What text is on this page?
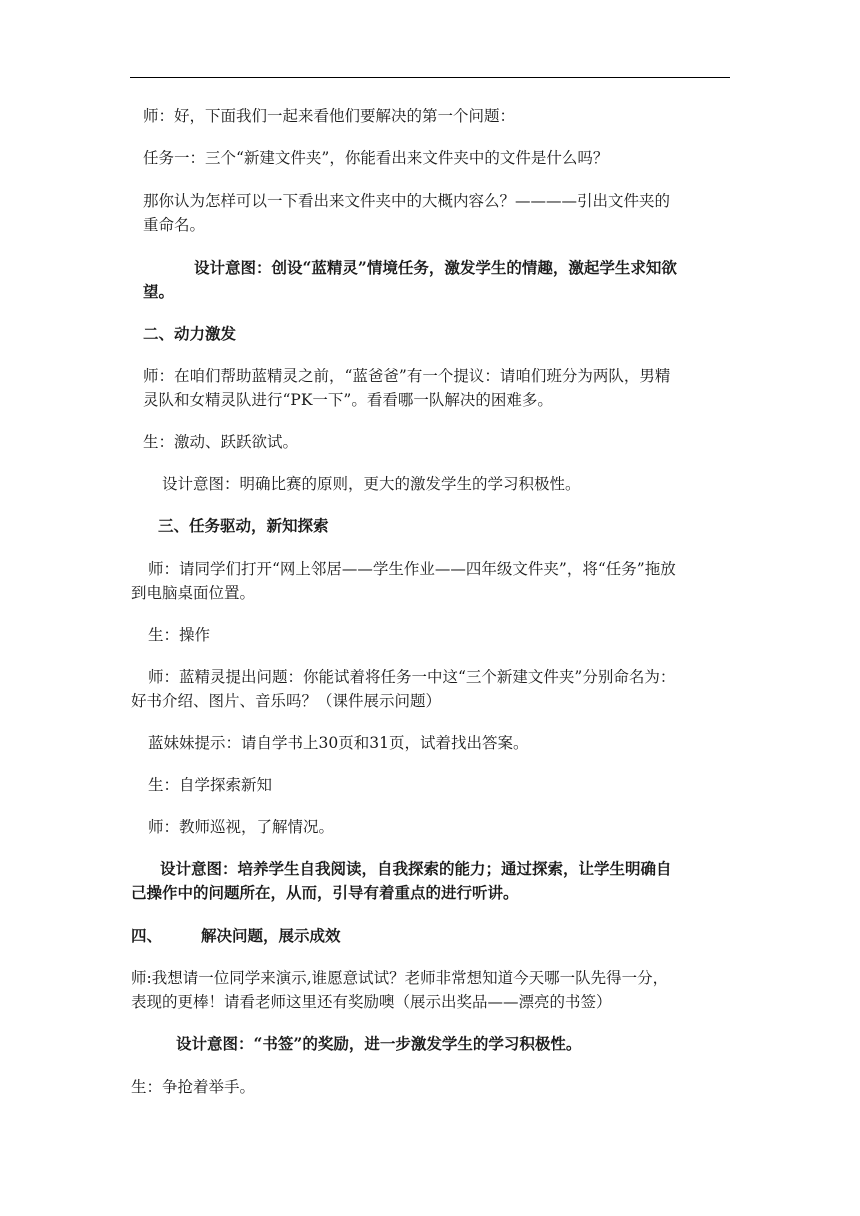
师：好，下面我们一起来看他们要解决的第一个问题：

任务一：三个“新建文件夹”，你能看出来文件夹中的文件是什么吗？

那你认为怎样可以一下看出来文件夹中的大概内容么？————引出文件夹的

重命名。

设计意图：创设“蓝精灵”情境任务，激发学生的情趣，激起学生求知欲

望。

二、动力激发

师：在咱们帮助蓝精灵之前，“蓝爸爸”有一个提议：请咱们班分为两队，男精

灵队和女精灵队进行“PK一下”。看看哪一队解决的困难多。

生：激动、跃跃欲试。

设计意图：明确比赛的原则，更大的激发学生的学习积极性。

三、任务驱动，新知探索

师：请同学们打开“网上邻居——学生作业——四年级文件夹”，将“任务”拖放

到电脑桌面位置。

生：操作

师：蓝精灵提出问题：你能试着将任务一中这“三个新建文件夹”分别命名为：

好书介绍、图片、音乐吗？（课件展示问题）

蓝妹妹提示：请自学书上30页和31页，试着找出答案。

生：自学探索新知

师：教师巡视，了解情况。

设计意图：培养学生自我阅读，自我探索的能力；通过探索，让学生明确自

己操作中的问题所在，从而，引导有着重点的进行听讲。

四、	解决问题，展示成效

师:我想请一位同学来演示,谁愿意试试？老师非常想知道今天哪一队先得一分，

表现的更棒！请看老师这里还有奖励噢（展示出奖品——漂亮的书签）

设计意图：“书签”的奖励，进一步激发学生的学习积极性。

生：争抢着举手。
